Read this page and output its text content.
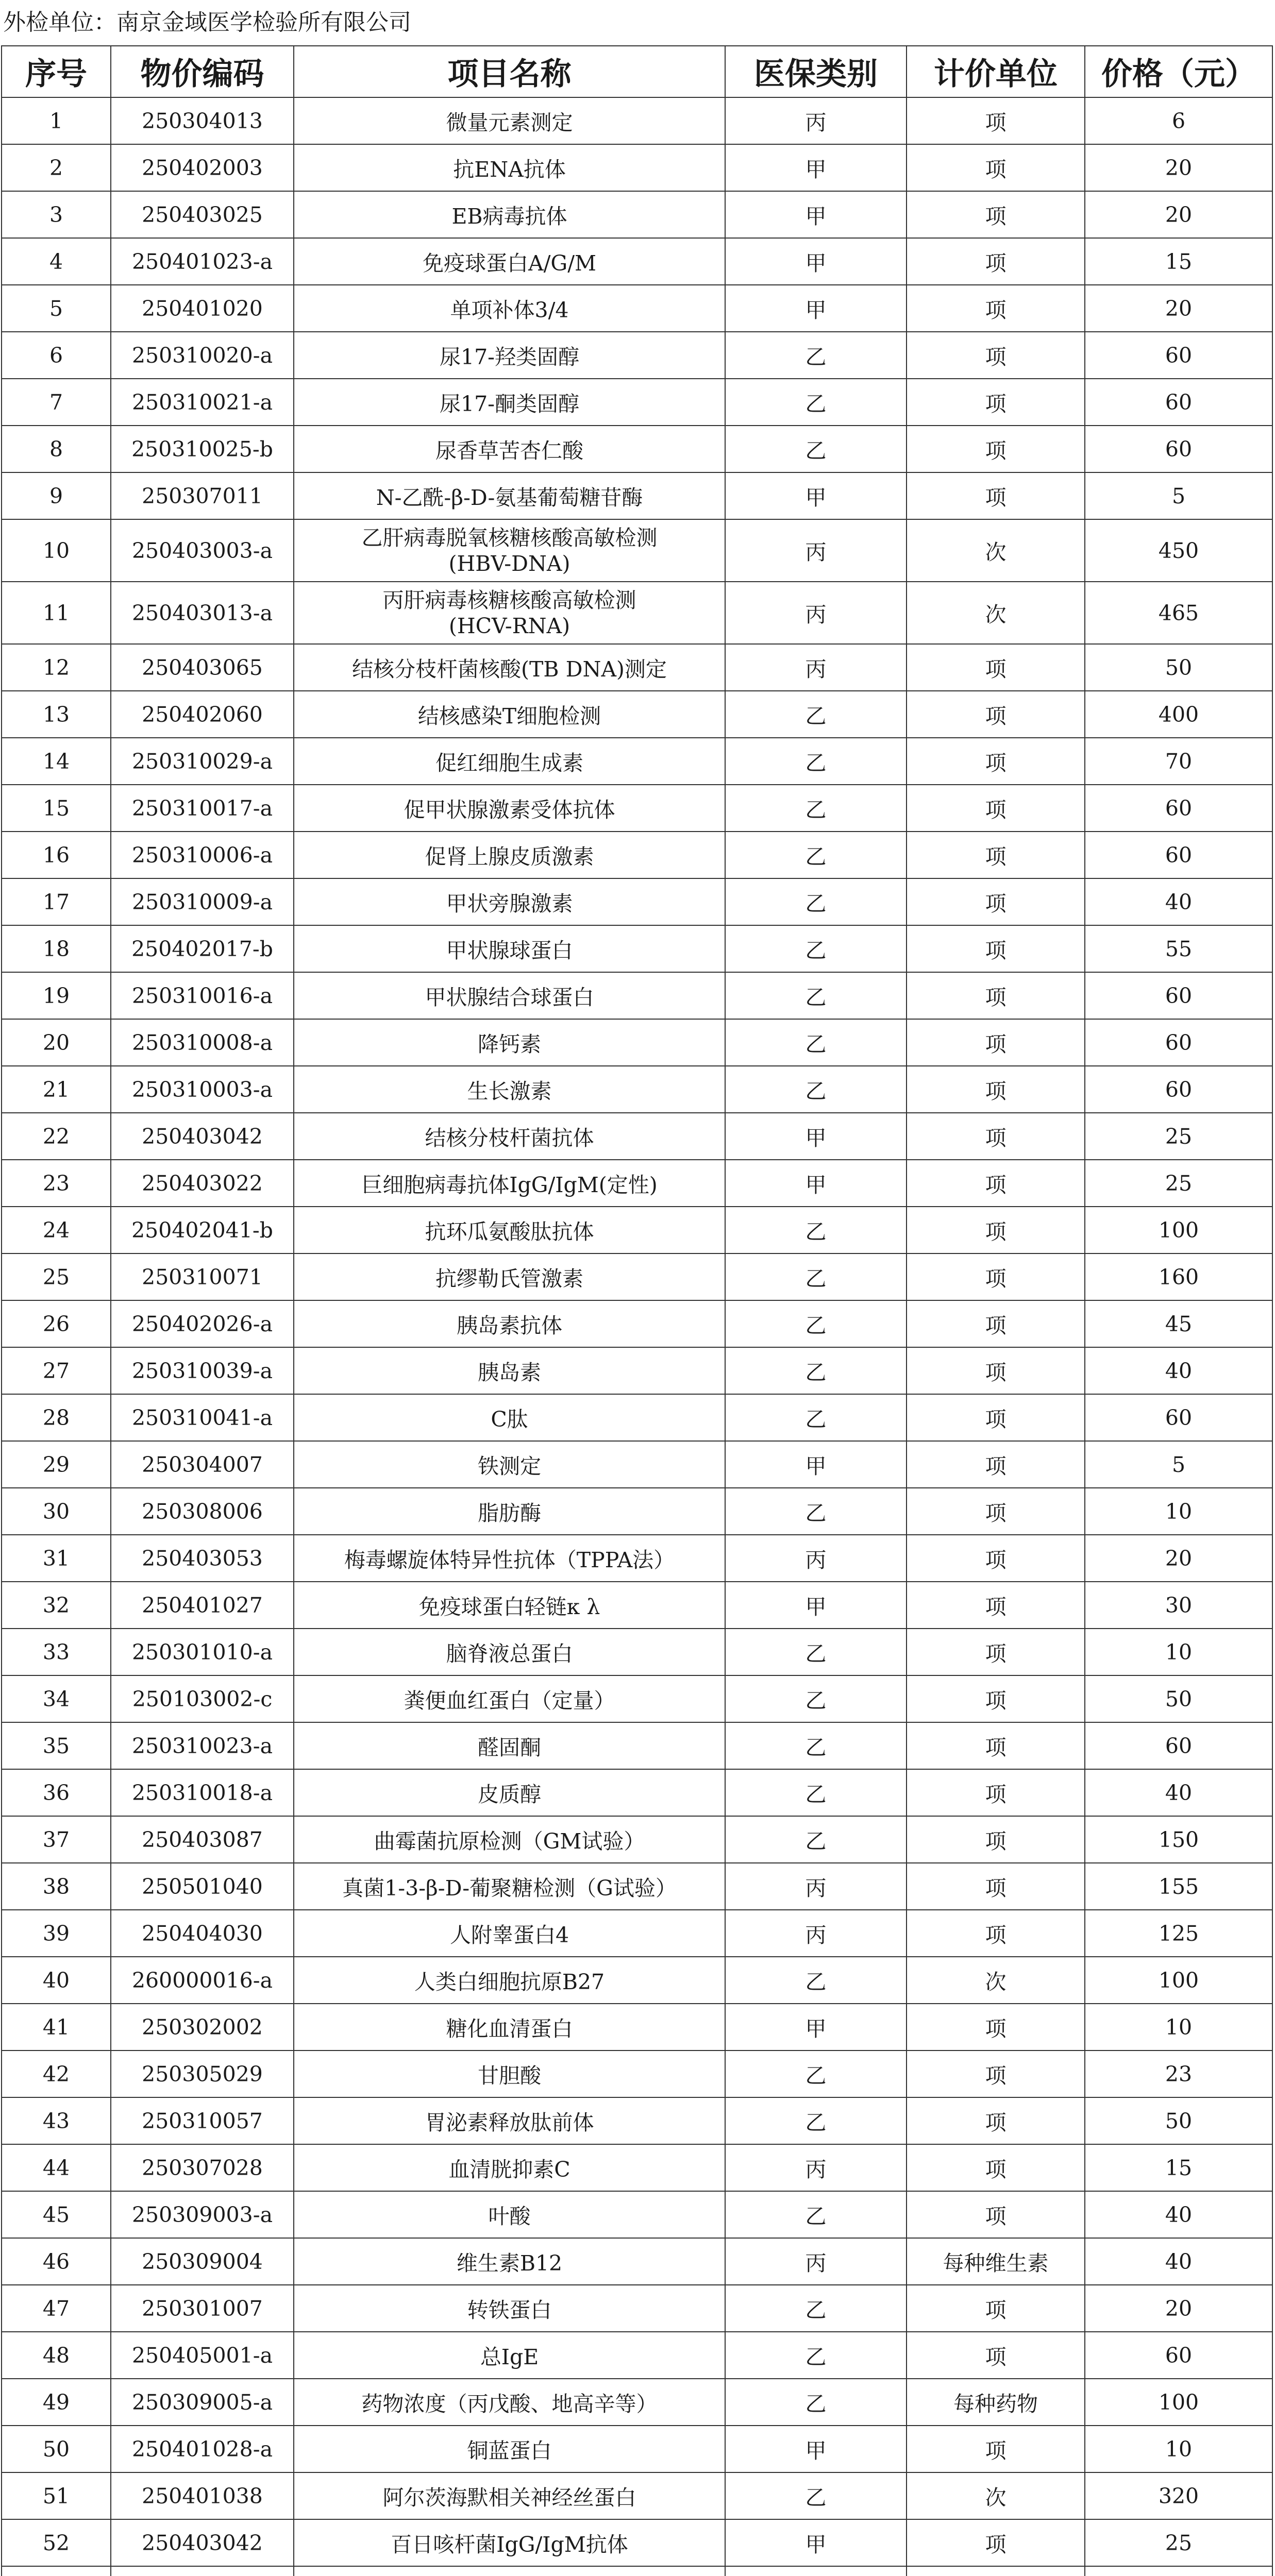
外检单位：南京金域医学检验所有限公司
序号	物价编码	项目名称	医保类别	计价单位	价格（元）
1	250304013	微量元素测定	丙	项	6
2	250402003	抗ENA抗体	甲	项	20
3	250403025	EB病毒抗体	甲	项	20
4	250401023-a	免疫球蛋白A/G/M	甲	项	15
5	250401020	单项补体3/4	甲	项	20
6	250310020-a	尿17-羟类固醇	乙	项	60
7	250310021-a	尿17-酮类固醇	乙	项	60
8	250310025-b	尿香草苦杏仁酸	乙	项	60
9	250307011	N-乙酰-β-D-氨基葡萄糖苷酶	甲	项	5
10	250403003-a	乙肝病毒脱氧核糖核酸高敏检测
(HBV-DNA)	丙	次	450
11	250403013-a	丙肝病毒核糖核酸高敏检测
(HCV-RNA)	丙	次	465
12	250403065	结核分枝杆菌核酸(TB DNA)测定	丙	项	50
13	250402060	结核感染T细胞检测	乙	项	400
14	250310029-a	促红细胞生成素	乙	项	70
15	250310017-a	促甲状腺激素受体抗体	乙	项	60
16	250310006-a	促肾上腺皮质激素	乙	项	60
17	250310009-a	甲状旁腺激素	乙	项	40
18	250402017-b	甲状腺球蛋白	乙	项	55
19	250310016-a	甲状腺结合球蛋白	乙	项	60
20	250310008-a	降钙素	乙	项	60
21	250310003-a	生长激素	乙	项	60
22	250403042	结核分枝杆菌抗体	甲	项	25
23	250403022	巨细胞病毒抗体IgG/IgM(定性)	甲	项	25
24	250402041-b	抗环瓜氨酸肽抗体	乙	项	100
25	250310071	抗缪勒氏管激素	乙	项	160
26	250402026-a	胰岛素抗体	乙	项	45
27	250310039-a	胰岛素	乙	项	40
28	250310041-a	C肽	乙	项	60
29	250304007	铁测定	甲	项	5
30	250308006	脂肪酶	乙	项	10
31	250403053	梅毒螺旋体特异性抗体（TPPA法）	丙	项	20
32	250401027	免疫球蛋白轻链κ λ	甲	项	30
33	250301010-a	脑脊液总蛋白	乙	项	10
34	250103002-c	粪便血红蛋白（定量）	乙	项	50
35	250310023-a	醛固酮	乙	项	60
36	250310018-a	皮质醇	乙	项	40
37	250403087	曲霉菌抗原检测（GM试验）	乙	项	150
38	250501040	真菌1-3-β-D-葡聚糖检测（G试验）	丙	项	155
39	250404030	人附睾蛋白4	丙	项	125
40	260000016-a	人类白细胞抗原B27	乙	次	100
41	250302002	糖化血清蛋白	甲	项	10
42	250305029	甘胆酸	乙	项	23
43	250310057	胃泌素释放肽前体	乙	项	50
44	250307028	血清胱抑素C	丙	项	15
45	250309003-a	叶酸	乙	项	40
46	250309004	维生素B12	丙	每种维生素	40
47	250301007	转铁蛋白	乙	项	20
48	250405001-a	总IgE	乙	项	60
49	250309005-a	药物浓度（丙戊酸、地高辛等）	乙	每种药物	100
50	250401028-a	铜蓝蛋白	甲	项	10
51	250401038	阿尔茨海默相关神经丝蛋白	乙	次	320
52	250403042	百日咳杆菌IgG/IgM抗体	甲	项	25
